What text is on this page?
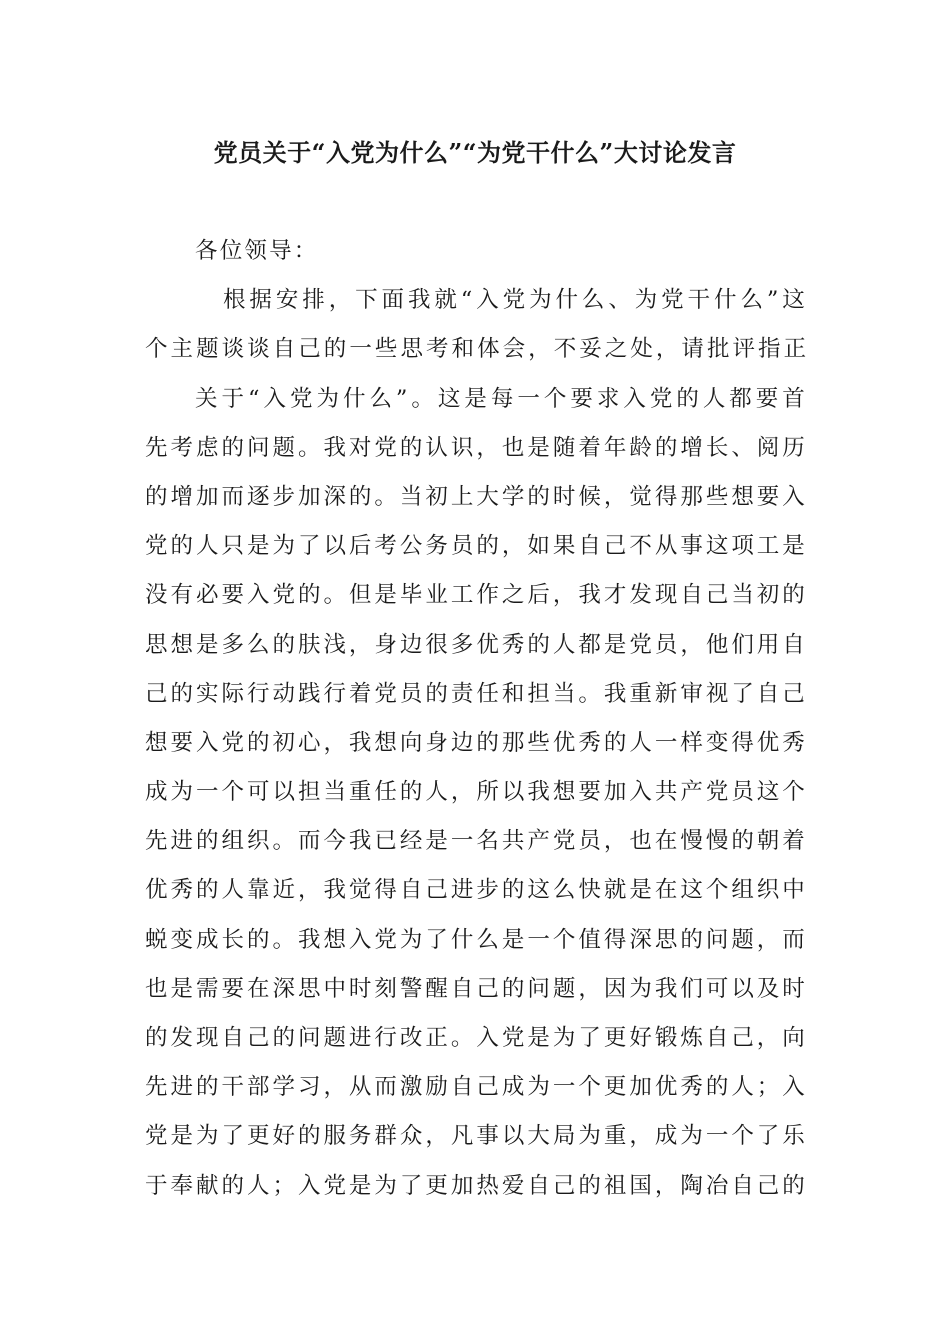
党员关于“入党为什么”“为党干什么”大讨论发言
各位领导：
根据安排，下面我就“入党为什么、为党干什么”这
个主题谈谈自己的一些思考和体会，不妥之处，请批评指正
关于“入党为什么”。这是每一个要求入党的人都要首
先考虑的问题。我对党的认识，也是随着年龄的增长、阅历
的增加而逐步加深的。当初上大学的时候，觉得那些想要入
党的人只是为了以后考公务员的，如果自己不从事这项工是
没有必要入党的。但是毕业工作之后，我才发现自己当初的
思想是多么的肤浅，身边很多优秀的人都是党员，他们用自
己的实际行动践行着党员的责任和担当。我重新审视了自己
想要入党的初心，我想向身边的那些优秀的人一样变得优秀
成为一个可以担当重任的人，所以我想要加入共产党员这个
先进的组织。而今我已经是一名共产党员，也在慢慢的朝着
优秀的人靠近，我觉得自己进步的这么快就是在这个组织中
蜕变成长的。我想入党为了什么是一个值得深思的问题，而
也是需要在深思中时刻警醒自己的问题，因为我们可以及时
的发现自己的问题进行改正。入党是为了更好锻炼自己，向
先进的干部学习，从而激励自己成为一个更加优秀的人；入
党是为了更好的服务群众，凡事以大局为重，成为一个了乐
于奉献的人；入党是为了更加热爱自己的祖国，陶冶自己的
